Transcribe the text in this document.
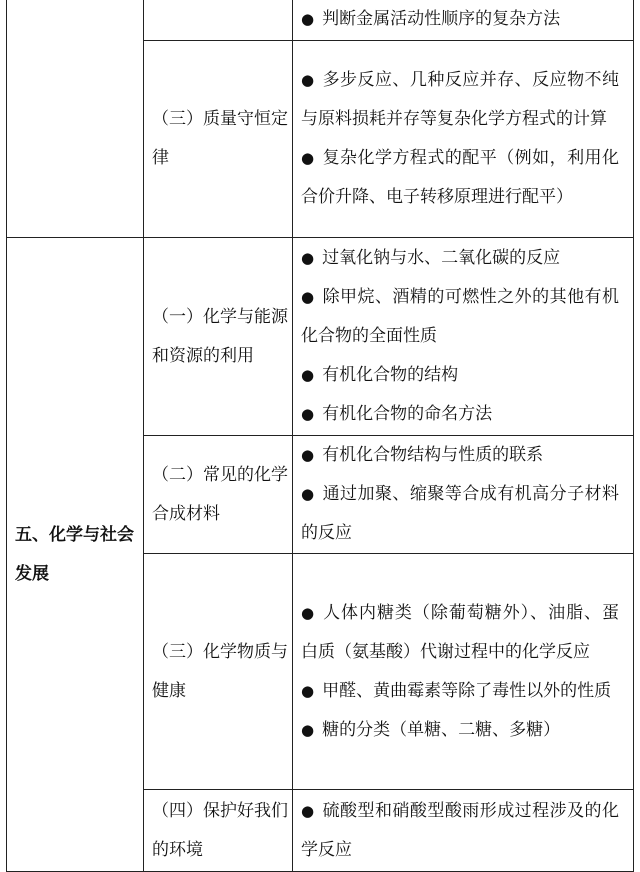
		● 判断金属活动性顺序的复杂方法

	（三）质量守恒定律	● 多步反应、几种反应并存、反应物不纯与原料损耗并存等复杂化学方程式的计算

● 复杂化学方程式的配平（例如，利用化合价升降、电子转移原理进行配平）

五、化学与社会发展	（一）化学与能源和资源的利用	● 过氧化钠与水、二氧化碳的反应

● 除甲烷、酒精的可燃性之外的其他有机化合物的全面性质

● 有机化合物的结构

● 有机化合物的命名方法

	（二）常见的化学合成材料	● 有机化合物结构与性质的联系

● 通过加聚、缩聚等合成有机高分子材料的反应

	（三）化学物质与健康	● 人体内糖类（除葡萄糖外）、油脂、蛋白质（氨基酸）代谢过程中的化学反应

● 甲醛、黄曲霉素等除了毒性以外的性质

● 糖的分类（单糖、二糖、多糖）

	（四）保护好我们的环境	● 硫酸型和硝酸型酸雨形成过程涉及的化学反应
